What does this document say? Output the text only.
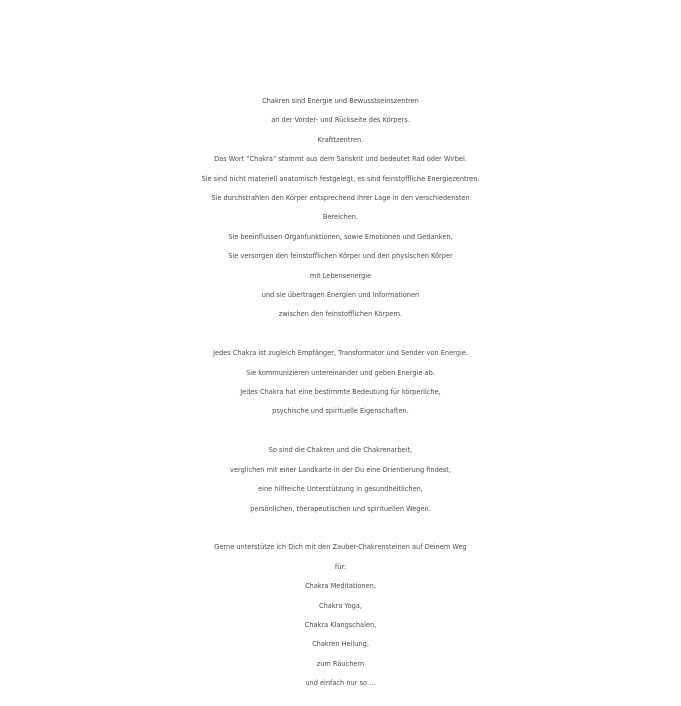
Chakren sind Energie und Bewusstseinszentren
an der Vorder- und Rückseite des Körpers.
Krafttzentren.
Das Wort “Chakra” stammt aus dem Sanskrit und bedeutet Rad oder Wirbel.
Sie sind nicht materiell anatomisch festgelegt, es sind feinstoffliche Energiezentren.
Sie durchstrahlen den Körper entsprechend ihrer Lage in den verschiedensten
Bereichen.
Sie beeinflussen Organfunktionen, sowie Emotionen und Gedanken.
Sie versorgen den feinstofflichen Körper und den physischen Körper
mit Lebensenergie
und sie übertragen Energien und Informationen
zwischen den feinstofflichen Körpern.
Jedes Chakra ist zugleich Empfänger, Transformator und Sender von Energie.
Sie kommunizieren untereinander und geben Energie ab.
Jedes Chakra hat eine bestimmte Bedeutung für körperliche,
psychische und spirituelle Eigenschaften.
So sind die Chakren und die Chakrenarbeit,
verglichen mit einer Landkarte in der Du eine Orientierung findest,
eine hilfreiche Unterstützung in gesundheitlichen,
persönlichen, therapeutischen und spirituellen Wegen.
Gerne unterstütze ich Dich mit den Zauber-Chakrensteinen auf Deinem Weg
für:
Chakra Meditationen,
Chakra Yoga,
Chakra Klangschalen,
Chakren Heilung,
zum Räuchern
und einfach nur so …
